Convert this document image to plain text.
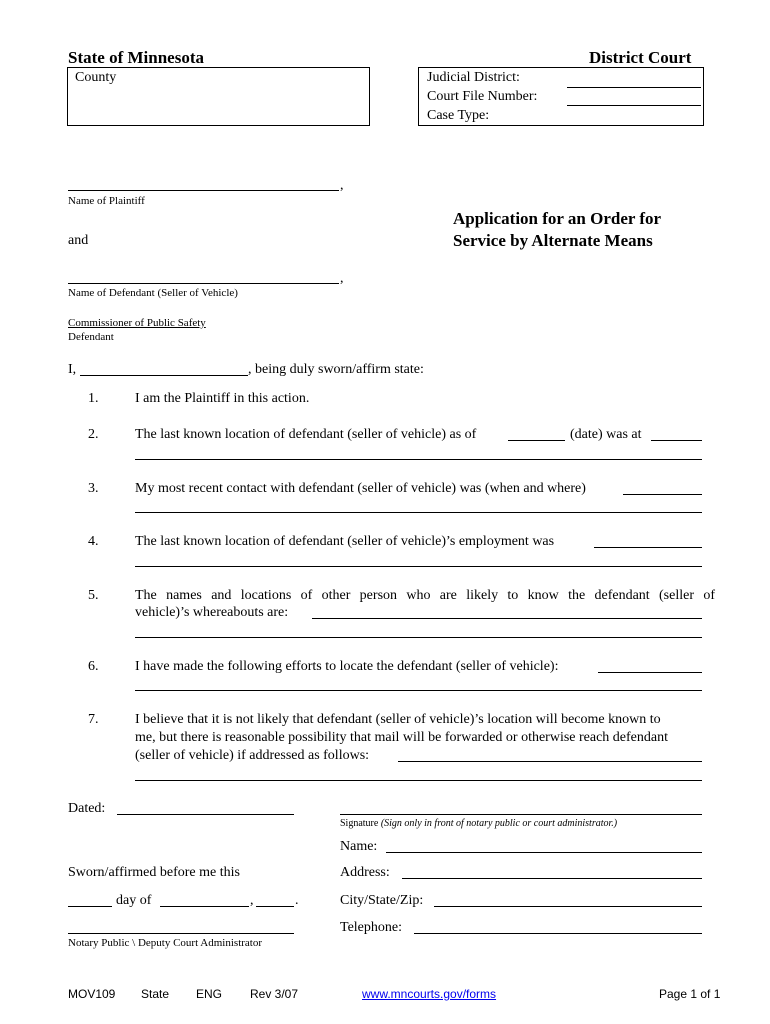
State of Minnesota	District Court
County	Judicial District:
Court File Number:
Case Type:
,
Name of Plaintiff
and
,
Name of Defendant (Seller of Vehicle)
Commissioner of Public Safety
Defendant
Application for an Order for
Service by Alternate Means
I,	, being duly sworn/affirm state:
1.	I am the Plaintiff in this action.
2.	The last known location of defendant (seller of vehicle) as of	(date) was at
3.	My most recent contact with defendant (seller of vehicle) was (when and where)
4.	The last known location of defendant (seller of vehicle)’s employment was
5.	The names and locations of other person who are likely to know the defendant (seller of
vehicle)’s whereabouts are:
6.	I have made the following efforts to locate the defendant (seller of vehicle):
7.	I believe that it is not likely that defendant (seller of vehicle)’s location will become known to
me, but there is reasonable possibility that mail will be forwarded or otherwise reach defendant
(seller of vehicle) if addressed as follows:
Dated:
Signature (Sign only in front of notary public or court administrator.)
Name:
Sworn/affirmed before me this	Address:
day of	,	.	City/State/Zip:
Notary Public \ Deputy Court Administrator
Telephone:
MOV109 State ENG Rev 3/07	www.mncourts.gov/forms	Page 1 of 1
